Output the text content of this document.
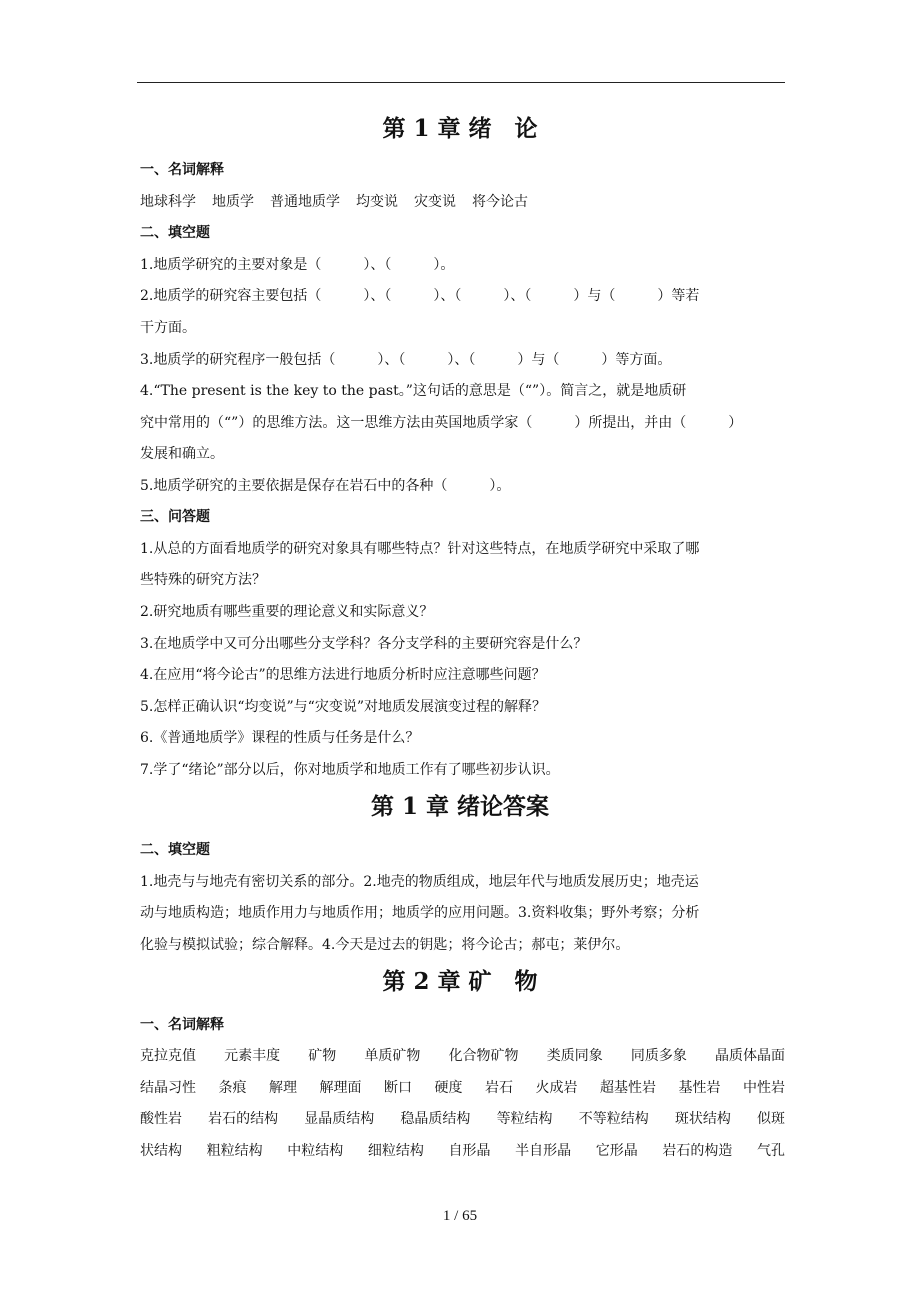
第 1 章 绪　论

一、名词解释

地球科学 地质学 普通地质学 均变说 灾变说 将今论古

二、填空题

1.地质学研究的主要对象是（　　　）、（　　　）。

2.地质学的研究容主要包括（　　　）、（　　　）、（　　　）、（　　　）与（　　　）等若

干方面。

3.地质学的研究程序一般包括（　　　）、（　　　）、（　　　）与（　　　）等方面。

4.“The present is the key to the past。”这句话的意思是（“”）。简言之，就是地质研

究中常用的（“”）的思维方法。这一思维方法由英国地质学家（　　　）所提出，并由（　　　）

发展和确立。

5.地质学研究的主要依据是保存在岩石中的各种（　　　）。

三、问答题

1.从总的方面看地质学的研究对象具有哪些特点？针对这些特点，在地质学研究中采取了哪

些特殊的研究方法？

2.研究地质有哪些重要的理论意义和实际意义？

3.在地质学中又可分出哪些分支学科？各分支学科的主要研究容是什么？

4.在应用“将今论古”的思维方法进行地质分析时应注意哪些问题？

5.怎样正确认识“均变说”与“灾变说”对地质发展演变过程的解释？

6.《普通地质学》课程的性质与任务是什么？

7.学了“绪论”部分以后，你对地质学和地质工作有了哪些初步认识。

第 1 章 绪论答案

二、填空题

1.地壳与与地壳有密切关系的部分。2.地壳的物质组成，地层年代与地质发展历史；地壳运

动与地质构造；地质作用力与地质作用；地质学的应用问题。3.资料收集；野外考察；分析

化验与模拟试验；综合解释。4.今天是过去的钥匙；将今论古；郝屯；莱伊尔。

第 2 章 矿　物

一、名词解释

克拉克值 元素丰度 矿物 单质矿物 化合物矿物 类质同象 同质多象 晶质体晶面
结晶习性 条痕 解理 解理面 断口 硬度 岩石 火成岩 超基性岩 基性岩 中性岩
酸性岩 岩石的结构 显晶质结构 稳晶质结构 等粒结构 不等粒结构 斑状结构 似斑
状结构 粗粒结构 中粒结构 细粒结构 自形晶 半自形晶 它形晶 岩石的构造 气孔
1 / 65
